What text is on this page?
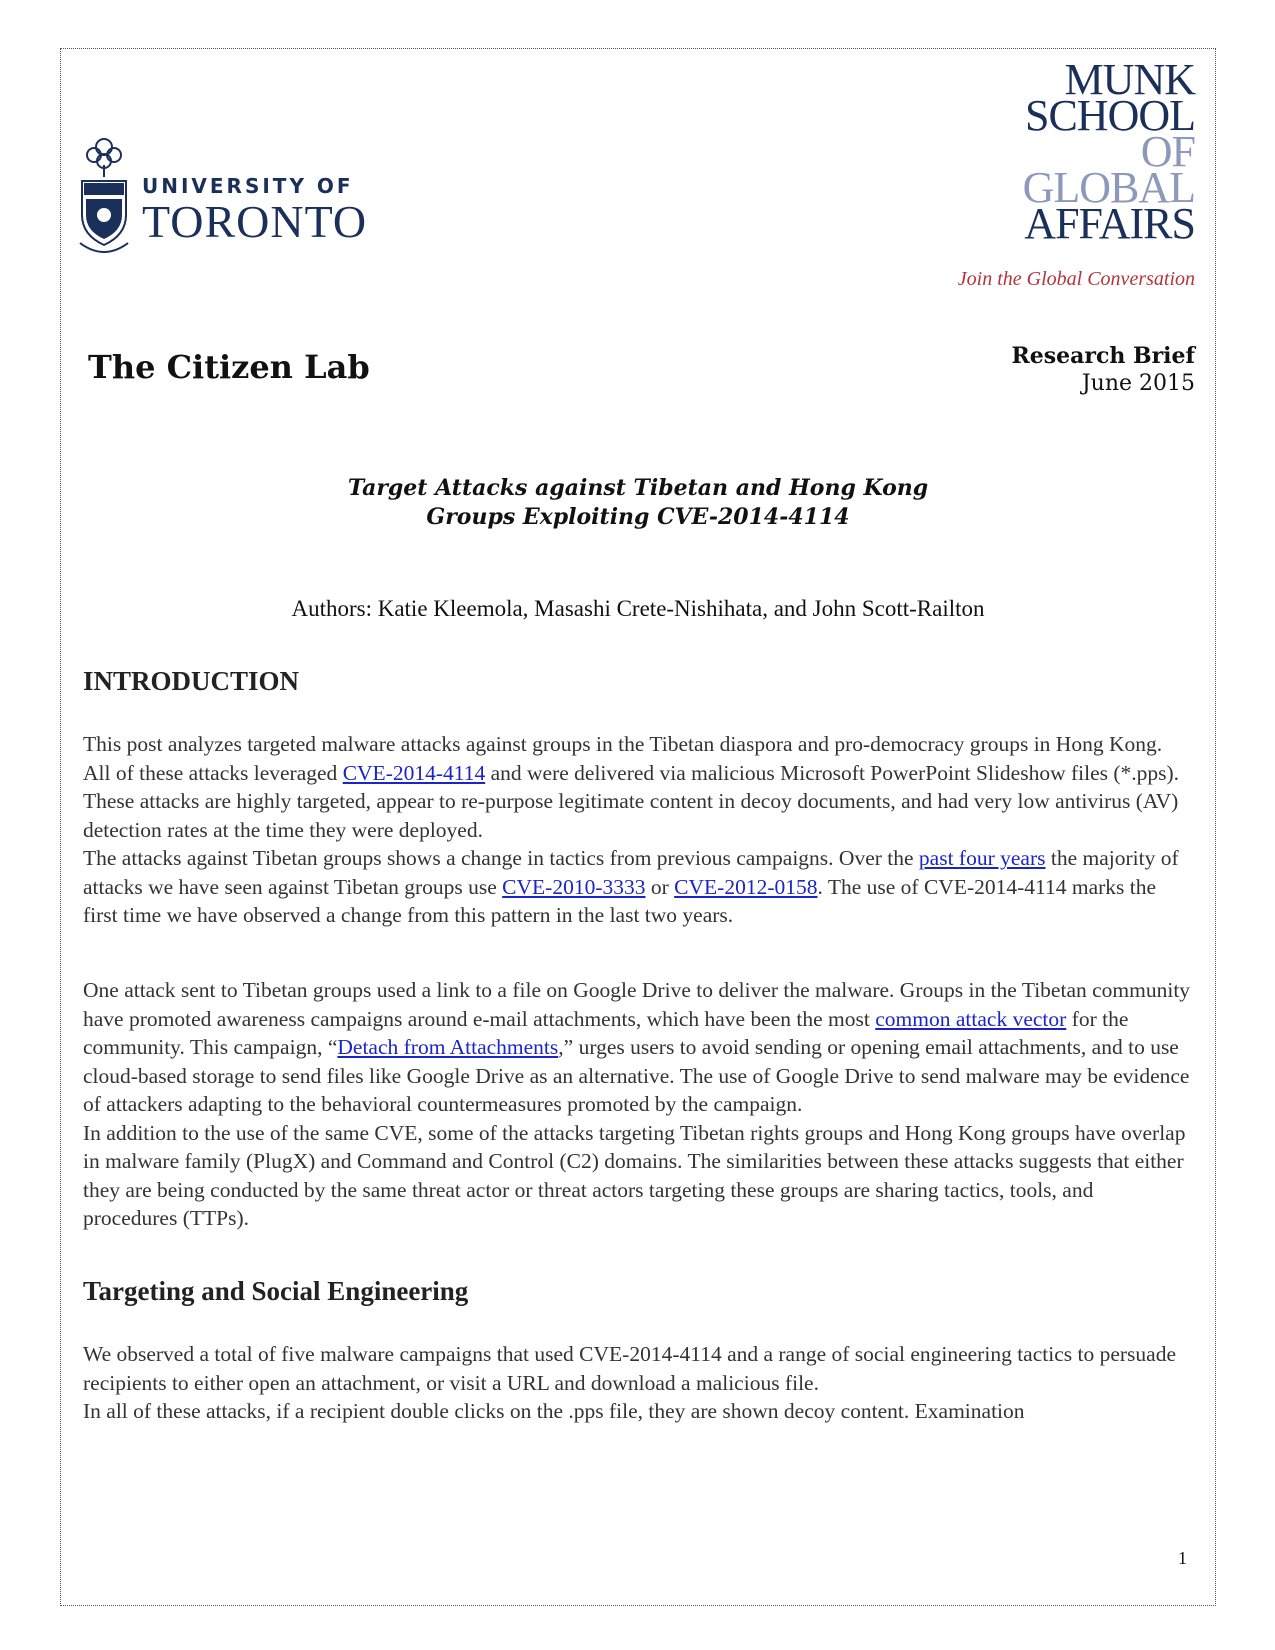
UNIVERSITY OF
TORONTO
MUNK
SCHOOL
OF
GLOBAL
AFFAIRS
Join the Global Conversation
The Citizen Lab	Research Brief
June 2015
Target Attacks against Tibetan and Hong Kong
Groups Exploiting CVE-2014-4114
Authors: Katie Kleemola, Masashi Crete-Nishihata, and John Scott-Railton
INTRODUCTION
This post analyzes targeted malware attacks against groups in the Tibetan diaspora and pro-democracy groups in Hong Kong. All of these attacks leveraged CVE-2014-4114 and were delivered via malicious Microsoft PowerPoint Slideshow files (*.pps). These attacks are highly targeted, appear to re-purpose legitimate content in decoy documents, and had very low antivirus (AV) detection rates at the time they were deployed.
The attacks against Tibetan groups shows a change in tactics from previous campaigns. Over the past four years the majority of attacks we have seen against Tibetan groups use CVE-2010-3333 or CVE-2012-0158. The use of CVE-2014-4114 marks the first time we have observed a change from this pattern in the last two years.
One attack sent to Tibetan groups used a link to a file on Google Drive to deliver the malware. Groups in the Tibetan community have promoted awareness campaigns around e-mail attachments, which have been the most common attack vector for the community. This campaign, “Detach from Attachments,” urges users to avoid sending or opening email attachments, and to use cloud-based storage to send files like Google Drive as an alternative. The use of Google Drive to send malware may be evidence of attackers adapting to the behavioral countermeasures promoted by the campaign.
In addition to the use of the same CVE, some of the attacks targeting Tibetan rights groups and Hong Kong groups have overlap in malware family (PlugX) and Command and Control (C2) domains. The similarities between these attacks suggests that either they are being conducted by the same threat actor or threat actors targeting these groups are sharing tactics, tools, and procedures (TTPs).
Targeting and Social Engineering
We observed a total of five malware campaigns that used CVE-2014-4114 and a range of social engineering tactics to persuade recipients to either open an attachment, or visit a URL and download a malicious file.
In all of these attacks, if a recipient double clicks on the .pps file, they are shown decoy content. Examination
1
